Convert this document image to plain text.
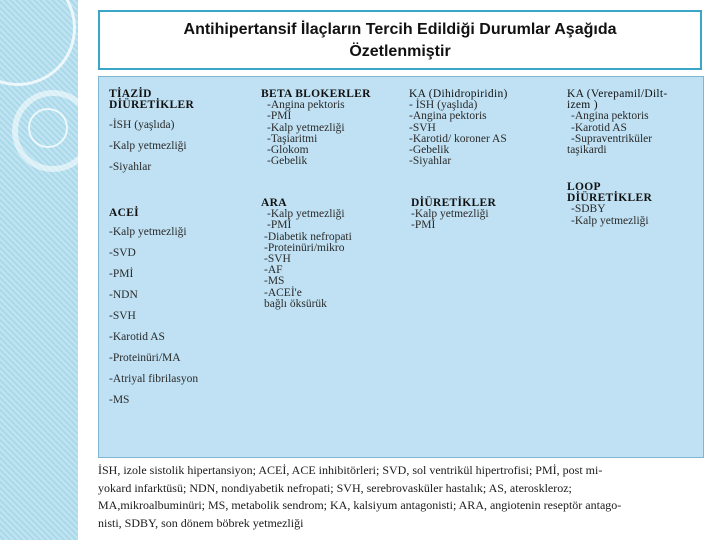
Antihipertansif İlaçların Tercih Edildiği Durumlar Aşağıda
Özetlenmiştir
TİAZİD
DİÜRETİKLER
-İSH (yaşlıda)
-Kalp yetmezliği
-Siyahlar
ACEİ
-Kalp yetmezliği
-SVD
-PMİ
-NDN
-SVH
-Karotid AS
-Proteinüri/MA
-Atriyal fibrilasyon
-MS
BETA BLOKERLER
-Angina pektoris
-PMİ
-Kalp yetmezliği
-Taşiaritmi
-Glokom
-Gebelik
ARA
-Kalp yetmezliği
-PMİ
-Diabetik nefropati
-Proteinüri/mikro
-SVH
-AF
-MS
-ACEİ'e
bağlı öksürük
KA (Dihidropiridin)
- İSH (yaşlıda)
-Angina pektoris
-SVH
-Karotid/ koroner AS
-Gebelik
-Siyahlar
DİÜRETİKLER
-Kalp yetmezliği
-PMİ
KA (Verepamil/Dilt-
izem )
-Angina pektoris
-Karotid AS
-Supraventriküler
taşikardi
LOOP
DİÜRETİKLER
-SDBY
-Kalp yetmezliği
İSH, izole sistolik hipertansiyon; ACEİ, ACE inhibitörleri; SVD, sol ventrikül hipertrofisi; PMİ, post mi-
yokard infarktüsü; NDN, nondiyabetik nefropati; SVH, serebrovasküler hastalık; AS, ateroskleroz;
MA,mikroalbuminüri; MS, metabolik sendrom; KA, kalsiyum antagonisti; ARA, angiotenin reseptör antago-
nisti, SDBY, son dönem böbrek yetmezliği
